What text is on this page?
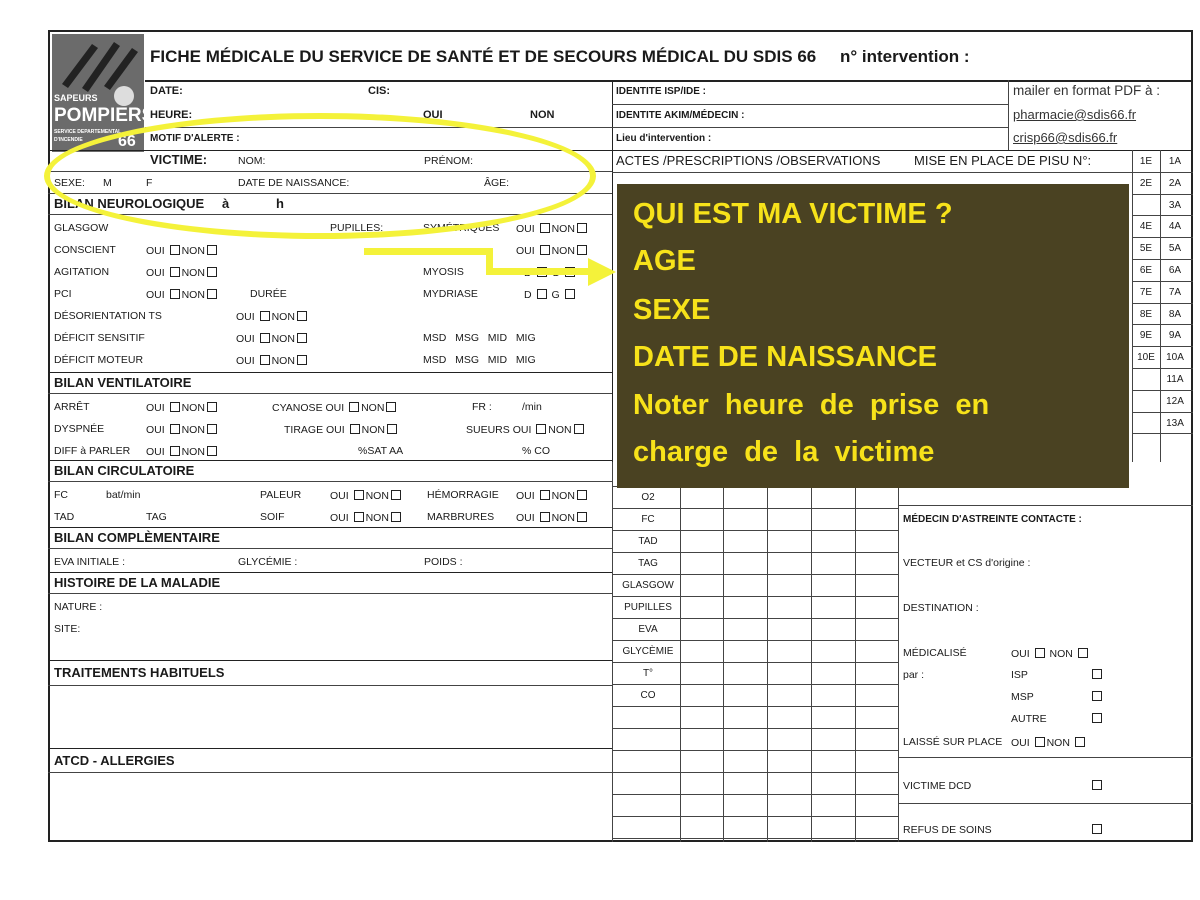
SAPEURS
POMPIERS
SERVICE DEPARTEMENTAL
D'INCENDIE 66
FICHE MÉDICALE DU SERVICE DE SANTÉ ET DE SECOURS MÉDICAL DU SDIS 66 n° intervention :
DATE:	CIS:
HEURE:	OUI	NON
MOTIF D'ALERTE :
IDENTITE ISP/IDE :
IDENTITE AKIM/MÉDECIN :
Lieu d'intervention :
mailer en format PDF à :
pharmacie@sdis66.fr
crisp66@sdis66.fr
VICTIME:	NOM:	PRÉNOM:
SEXE: M	F	DATE DE NAISSANCE:	ÂGE:
BILAN NEUROLOGIQUE à	h
GLASGOW	PUPILLES:	SYMÉTRIQUES OUI NON
CONSCIENT	OUI NON	OUI NON
AGITATION	OUI NON	MYOSIS

PCI	OUI NON	DURÉE	MYDRIASE	D G
DÉSORIENTATION TS	OUI NON
DÉFICIT SENSITIF	OUI NON	MSD MSG MID MIG
DÉFICIT MOTEUR	OUI NON	MSD MSG MID MIG
BILAN VENTILATOIRE
ARRÊT	OUI NON	CYANOSE OUI NON	FR :	/min
DYSPNÉE	OUI NON	TIRAGE OUI NON	SUEURS OUI NON
DIFF à PARLER OUI NON	%SAT AA	% CO
BILAN CIRCULATOIRE
FC	bat/min	PALEUR	OUI NON	HÉMORRAGIE OUI NON
TAD	TAG	SOIF	OUI NON	MARBRURES OUI NON
BILAN COMPLÈMENTAIRE
EVA INITIALE :	GLYCÉMIE :	POIDS :
HISTOIRE DE LA MALADIE
NATURE :
SITE:
TRAITEMENTS HABITUELS
ATCD - ALLERGIES
ACTES /PRESCRIPTIONS /OBSERVATIONS	MISE EN PLACE DE PISU N°:	1E	1A
2E	2A
3A
4E	4A
5E	5A
6E	6A
7E	7A
8E	8A
9E	9A
10E	10A
11A
12A
13A
O2
FC
TAD
TAG
GLASGOW
PUPILLES
EVA
GLYCÈMIE
T°
CO
MÉDECIN D'ASTREINTE CONTACTE :
VECTEUR et CS d'origine :
DESTINATION :
MÉDICALISÉ	OUI NON
par :	ISP
MSP
AUTRE
LAISSÉ SUR PLACE OUI NON
VICTIME DCD
REFUS DE SOINS
QUI EST MA VICTIME ?
AGE
SEXE
DATE DE NAISSANCE
Noter  heure  de  prise  en
charge  de  la  victime
